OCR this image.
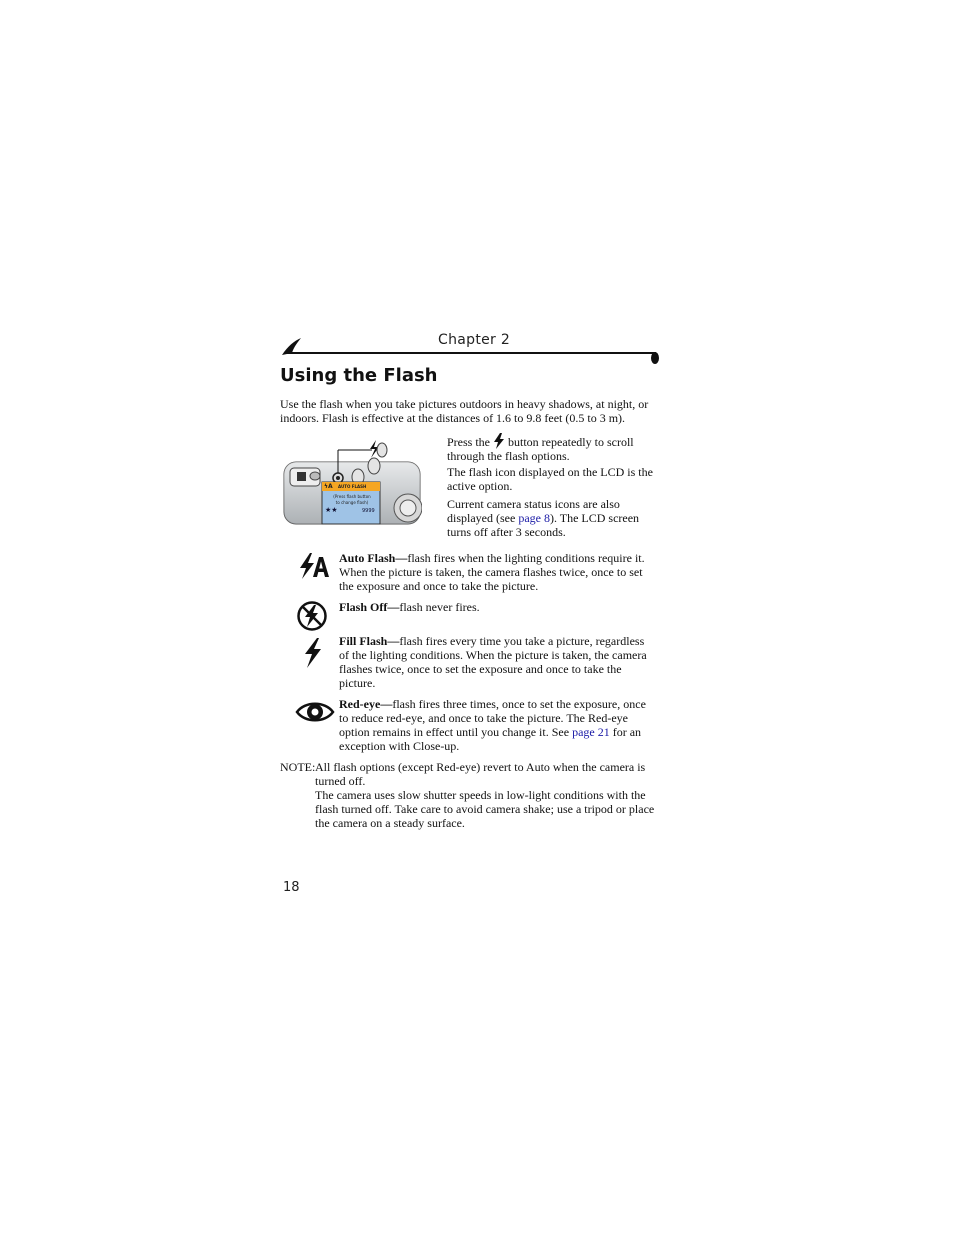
Chapter 2
Using the Flash
Use the flash when you take pictures outdoors in heavy shadows, at night, or indoors. Flash is effective at the distances of 1.6 to 9.8 feet (0.5 to 3 m).
ϟA AUTO FLASH
(Press flash button
to change flash)
★★	9999
Press the button repeatedly to scroll through the flash options.
The flash icon displayed on the LCD is the active option.
Current camera status icons are also displayed (see page 8). The LCD screen turns off after 3 seconds.
Auto Flash—flash fires when the lighting conditions require it. When the picture is taken, the camera flashes twice, once to set the exposure and once to take the picture.
Flash Off—flash never fires.
Fill Flash—flash fires every time you take a picture, regardless of the lighting conditions. When the picture is taken, the camera flashes twice, once to set the exposure and once to take the picture.
Red-eye—flash fires three times, once to set the exposure, once to reduce red-eye, and once to take the picture. The Red-eye option remains in effect until you change it. See page 21 for an exception with Close-up.
NOTE: All flash options (except Red-eye) revert to Auto when the camera is turned off.
The camera uses slow shutter speeds in low-light conditions with the flash turned off. Take care to avoid camera shake; use a tripod or place the camera on a steady surface.
18
